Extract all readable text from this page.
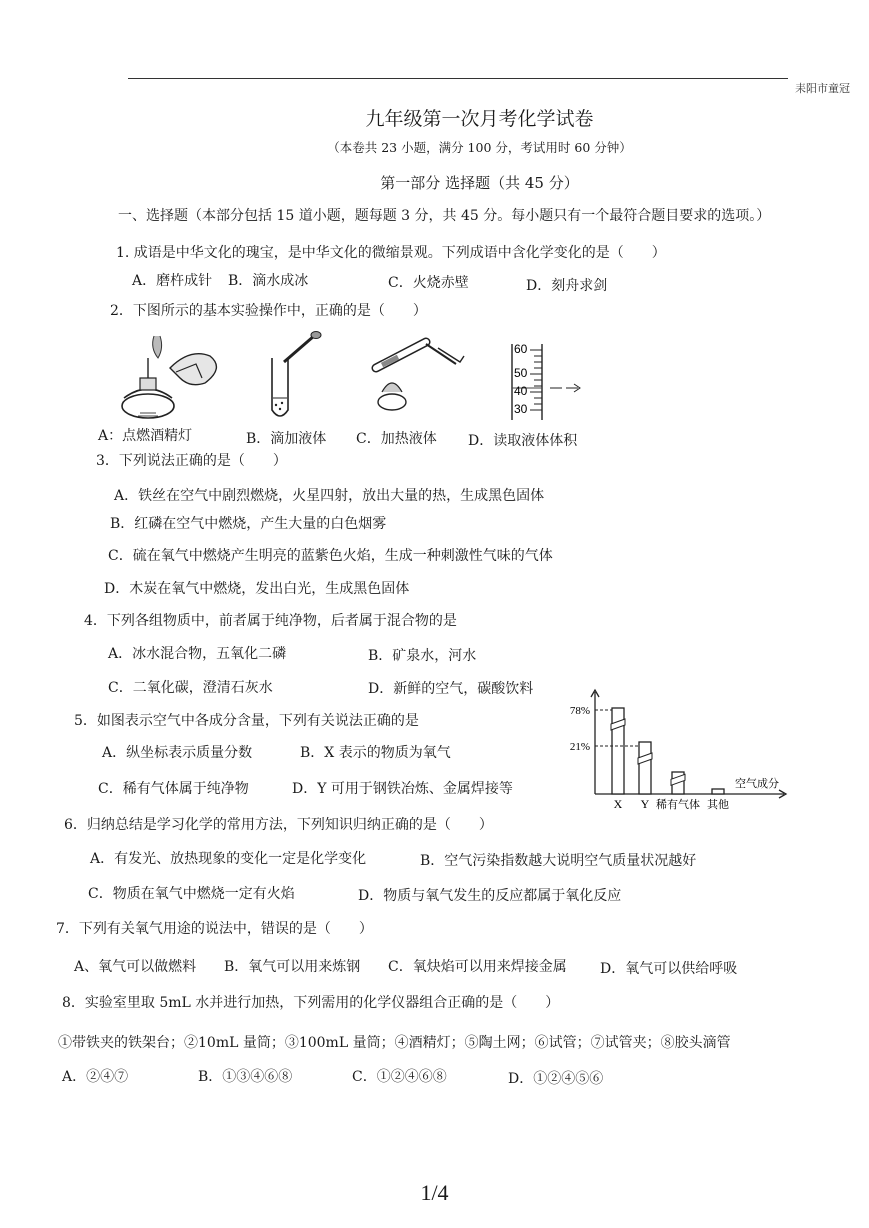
耒阳市童冠
九年级第一次月考化学试卷
（本卷共 23 小题，满分 100 分，考试用时 60 分钟）
第一部分 选择题（共 45 分）
一、选择题（本部分包括 15 道小题，题每题 3 分，共 45 分。每小题只有一个最符合题目要求的选项。）
1. 成语是中华文化的瑰宝，是中华文化的微缩景观。下列成语中含化学变化的是（　　）
A．磨杵成针 B．滴水成冰	C．火烧赤壁	D．刻舟求剑
2．下图所示的基本实验操作中，正确的是（　　）
60
50
40
30
A：点燃酒精灯	B．滴加液体 C．加热液体 D．读取液体体积
3．下列说法正确的是（　　）
A．铁丝在空气中剧烈燃烧，火星四射，放出大量的热，生成黑色固体
B．红磷在空气中燃烧，产生大量的白色烟雾
C．硫在氧气中燃烧产生明亮的蓝紫色火焰，生成一种刺激性气味的气体
D．木炭在氧气中燃烧，发出白光，生成黑色固体
4．下列各组物质中，前者属于纯净物，后者属于混合物的是
A．冰水混合物，五氧化二磷	B．矿泉水，河水
C．二氧化碳，澄清石灰水	D．新鲜的空气，碳酸饮料
5．如图表示空气中各成分含量，下列有关说法正确的是
A．纵坐标表示质量分数	B．X 表示的物质为氧气
C．稀有气体属于纯净物	D．Y 可用于钢铁冶炼、金属焊接等
X Y 稀有气体 其他
78%
21%
空气成分
6．归纳总结是学习化学的常用方法，下列知识归纳正确的是（　　）
A．有发光、放热现象的变化一定是化学变化	B．空气污染指数越大说明空气质量状况越好
C．物质在氧气中燃烧一定有火焰	D．物质与氧气发生的反应都属于氧化反应
7．下列有关氧气用途的说法中，错误的是（　　）
A、氧气可以做燃料 B．氧气可以用来炼钢 C．氧炔焰可以用来焊接金属 D．氧气可以供给呼吸
8．实验室里取 5mL 水并进行加热，下列需用的化学仪器组合正确的是（　　）
①带铁夹的铁架台；②10mL 量筒；③100mL 量筒；④酒精灯；⑤陶土网；⑥试管；⑦试管夹；⑧胶头滴管
A．②④⑦	B．①③④⑥⑧	C．①②④⑥⑧	D．①②④⑤⑥
1/4
